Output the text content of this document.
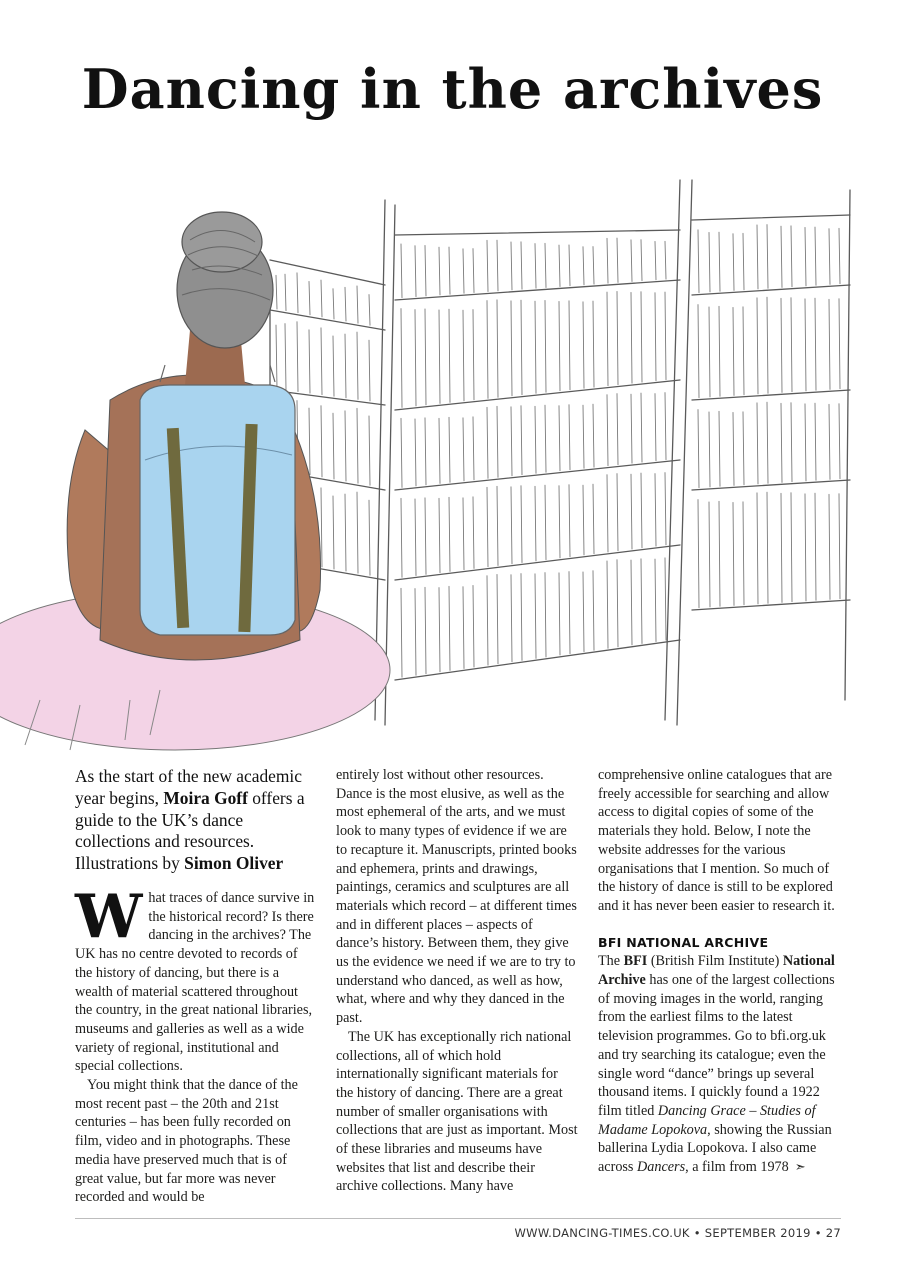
Dancing in the archives

As the start of the new academic year begins, Moira Goff offers a guide to the UK’s dance collections and resources. Illustrations by Simon Oliver

What traces of dance survive in the historical record? Is there dancing in the archives? The UK has no centre devoted to records of the history of dancing, but there is a wealth of material scattered throughout the country, in the great national libraries, museums and galleries as well as a wide variety of regional, institutional and special collections.

You might think that the dance of the most recent past – the 20th and 21st centuries – has been fully recorded on film, video and in photographs. These media have preserved much that is of great value, but far more was never recorded and would be

entirely lost without other resources. Dance is the most elusive, as well as the most ephemeral of the arts, and we must look to many types of evidence if we are to recapture it. Manuscripts, printed books and ephemera, prints and drawings, paintings, ceramics and sculptures are all materials which record – at different times and in different places – aspects of dance’s history. Between them, they give us the evidence we need if we are to try to understand who danced, as well as how, what, where and why they danced in the past.

The UK has exceptionally rich national collections, all of which hold internationally significant materials for the history of dancing. There are a great number of smaller organisations with collections that are just as important. Most of these libraries and museums have websites that list and describe their archive collections. Many have

comprehensive online catalogues that are freely accessible for searching and allow access to digital copies of some of the materials they hold. Below, I note the website addresses for the various organisations that I mention. So much of the history of dance is still to be explored and it has never been easier to research it.

BFI NATIONAL ARCHIVE

The BFI (British Film Institute) National Archive has one of the largest collections of moving images in the world, ranging from the earliest films to the latest television programmes. Go to bfi.org.uk and try searching its catalogue; even the single word “dance” brings up several thousand items. I quickly found a 1922 film titled Dancing Grace – Studies of Madame Lopokova, showing the Russian ballerina Lydia Lopokova. I also came across Dancers, a film from 1978 ➣

WWW.DANCING-TIMES.CO.UK • SEPTEMBER 2019 • 27
